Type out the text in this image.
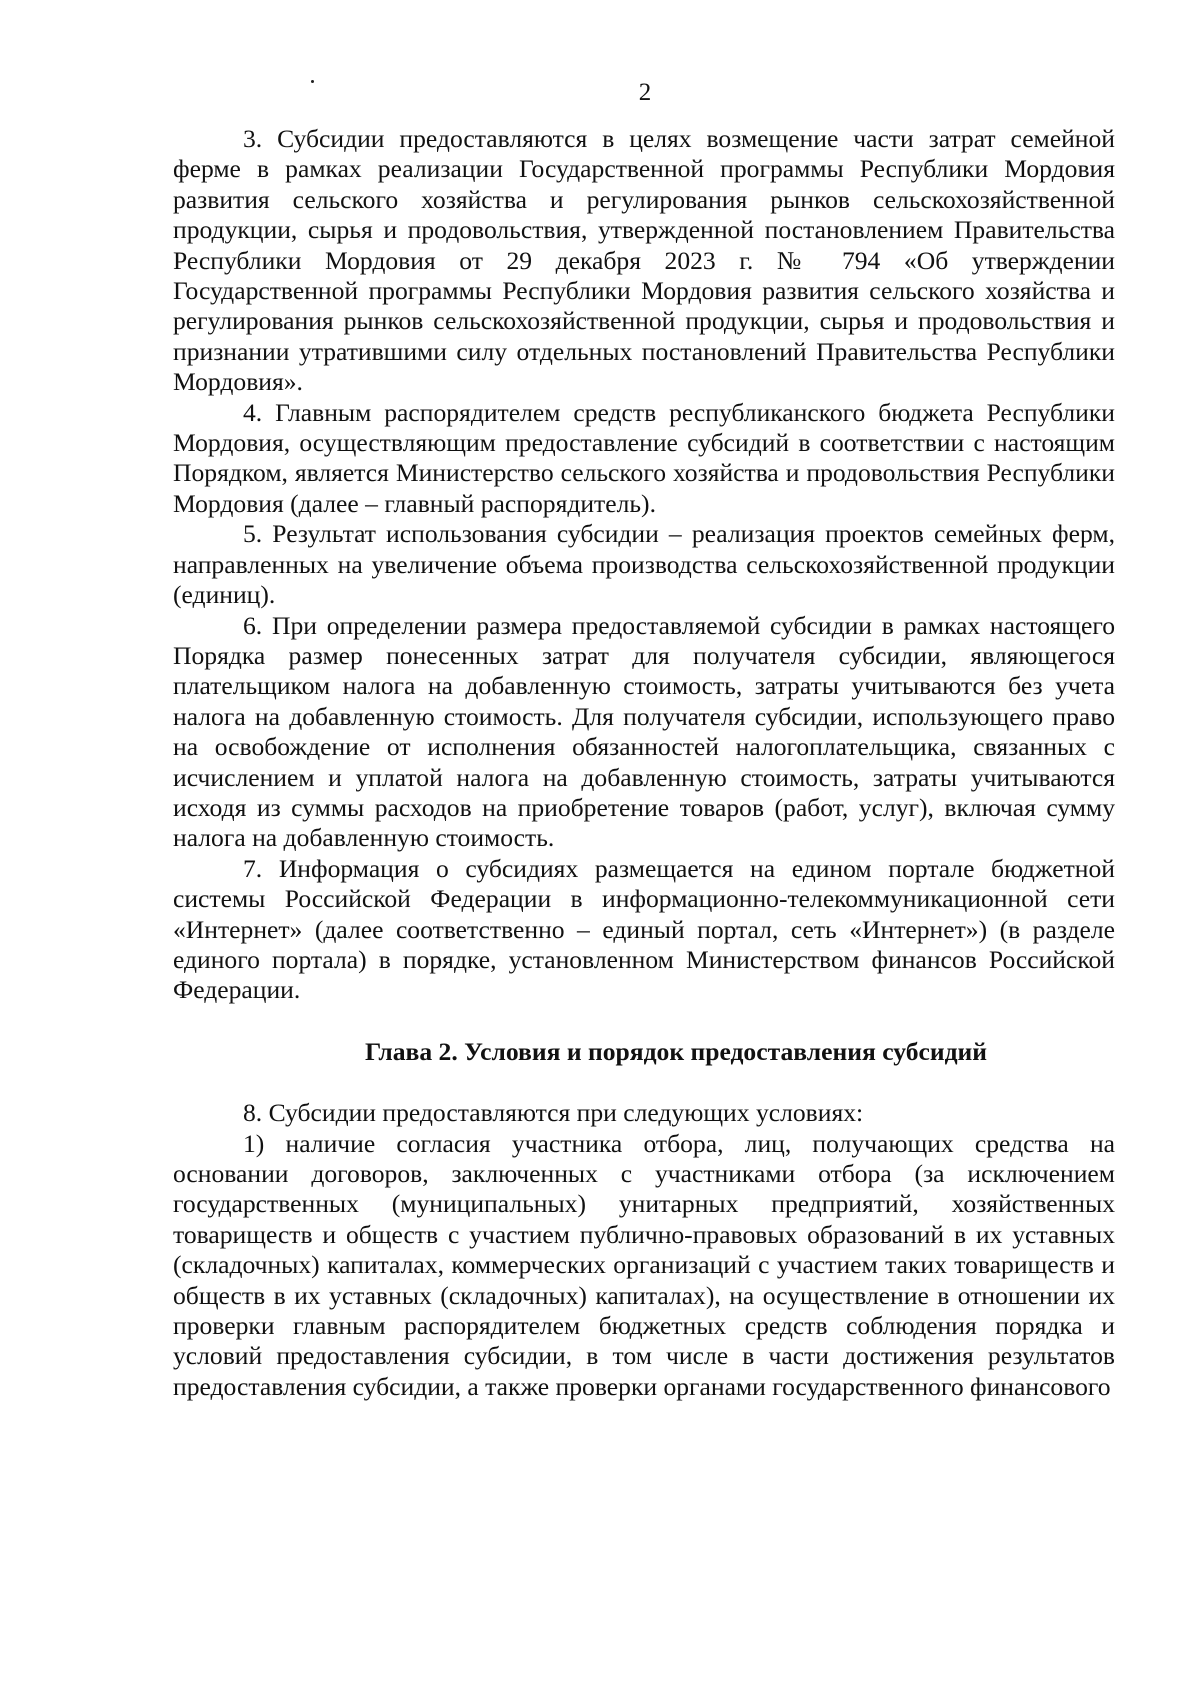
2

3. Субсидии предоставляются в целях возмещение части затрат семейной ферме в рамках реализации Государственной программы Республики Мордовия развития сельского хозяйства и регулирования рынков сельскохозяйственной продукции, сырья и продовольствия, утвержденной постановлением Правительства Республики Мордовия от 29 декабря 2023 г. № 794 «Об утверждении Государственной программы Республики Мордовия развития сельского хозяйства и регулирования рынков сельскохозяйственной продукции, сырья и продовольствия и признании утратившими силу отдельных постановлений Правительства Республики Мордовия».

4. Главным распорядителем средств республиканского бюджета Республики Мордовия, осуществляющим предоставление субсидий в соответствии с настоящим Порядком, является Министерство сельского хозяйства и продовольствия Республики Мордовия (далее – главный распорядитель).

5. Результат использования субсидии – реализация проектов семейных ферм, направленных на увеличение объема производства сельскохозяйственной продукции (единиц).

6. При определении размера предоставляемой субсидии в рамках настоящего Порядка размер понесенных затрат для получателя субсидии, являющегося плательщиком налога на добавленную стоимость, затраты учитываются без учета налога на добавленную стоимость. Для получателя субсидии, использующего право на освобождение от исполнения обязанностей налогоплательщика, связанных с исчислением и уплатой налога на добавленную стоимость, затраты учитываются исходя из суммы расходов на приобретение товаров (работ, услуг), включая сумму налога на добавленную стоимость.

7. Информация о субсидиях размещается на едином портале бюджетной системы Российской Федерации в информационно-телекоммуникационной сети «Интернет» (далее соответственно – единый портал, сеть «Интернет») (в разделе единого портала) в порядке, установленном Министерством финансов Российской Федерации.

Глава 2. Условия и порядок предоставления субсидий

8. Субсидии предоставляются при следующих условиях:

1) наличие согласия участника отбора, лиц, получающих средства на основании договоров, заключенных с участниками отбора (за исключением государственных (муниципальных) унитарных предприятий, хозяйственных товариществ и обществ с участием публично-правовых образований в их уставных (складочных) капиталах, коммерческих организаций с участием таких товариществ и обществ в их уставных (складочных) капиталах), на осуществление в отношении их проверки главным распорядителем бюджетных средств соблюдения порядка и условий предоставления субсидии, в том числе в части достижения результатов предоставления субсидии, а также проверки органами государственного финансового
